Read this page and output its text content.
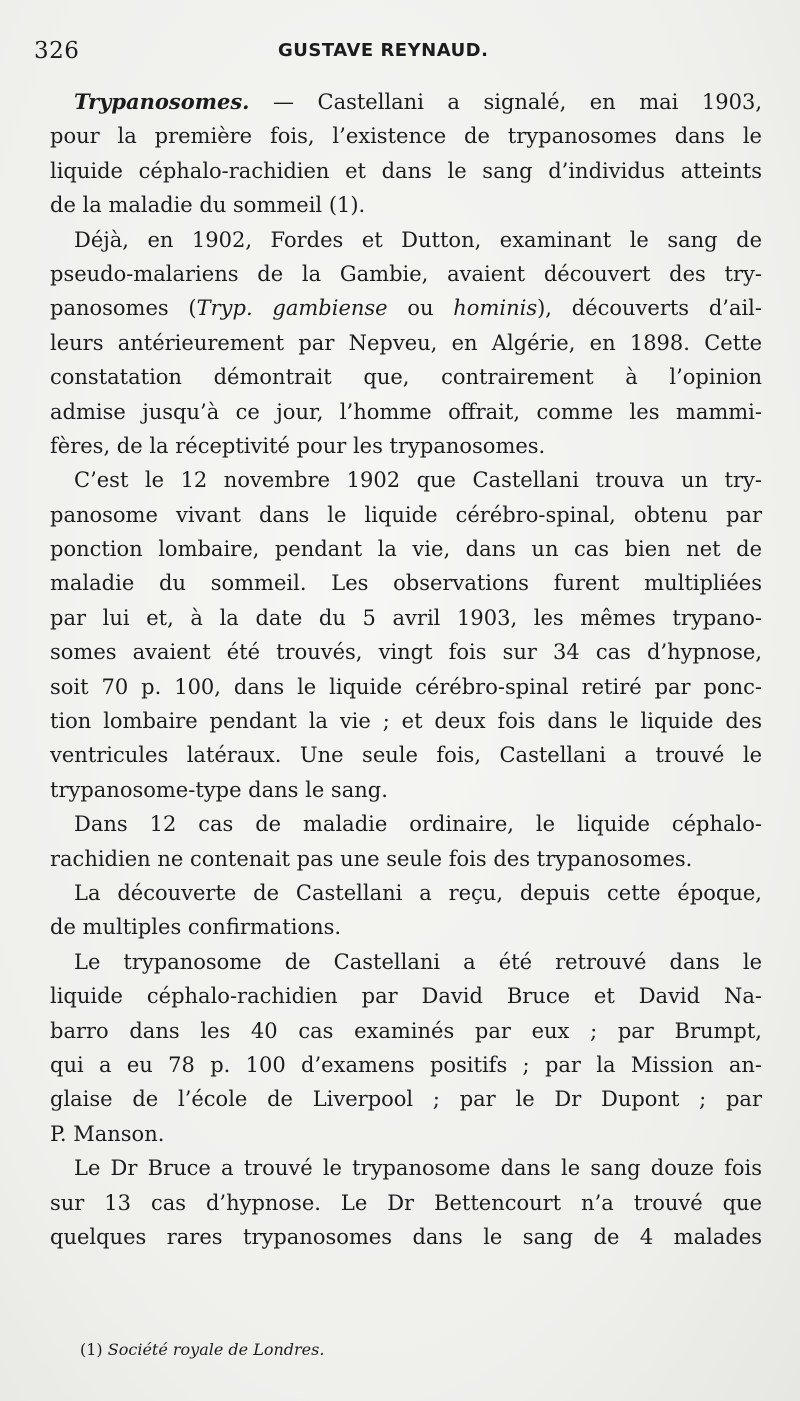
326	GUSTAVE REYNAUD.
Trypanosomes. — Castellani a signalé, en mai 1903,
pour la première fois, l’existence de trypanosomes dans le
liquide céphalo-rachidien et dans le sang d’individus atteints
de la maladie du sommeil (1).
Déjà, en 1902, Fordes et Dutton, examinant le sang de
pseudo-malariens de la Gambie, avaient découvert des try-
panosomes (Tryp. gambiense ou hominis), découverts d’ail-
leurs antérieurement par Nepveu, en Algérie, en 1898. Cette
constatation démontrait que, contrairement à l’opinion
admise jusqu’à ce jour, l’homme offrait, comme les mammi-
fères, de la réceptivité pour les trypanosomes.
C’est le 12 novembre 1902 que Castellani trouva un try-
panosome vivant dans le liquide cérébro-spinal, obtenu par
ponction lombaire, pendant la vie, dans un cas bien net de
maladie du sommeil. Les observations furent multipliées
par lui et, à la date du 5 avril 1903, les mêmes trypano-
somes avaient été trouvés, vingt fois sur 34 cas d’hypnose,
soit 70 p. 100, dans le liquide cérébro-spinal retiré par ponc-
tion lombaire pendant la vie ; et deux fois dans le liquide des
ventricules latéraux. Une seule fois, Castellani a trouvé le
trypanosome-type dans le sang.
Dans 12 cas de maladie ordinaire, le liquide céphalo-
rachidien ne contenait pas une seule fois des trypanosomes.
La découverte de Castellani a reçu, depuis cette époque,
de multiples confirmations.
Le trypanosome de Castellani a été retrouvé dans le
liquide céphalo-rachidien par David Bruce et David Na-
barro dans les 40 cas examinés par eux ; par Brumpt,
qui a eu 78 p. 100 d’examens positifs ; par la Mission an-
glaise de l’école de Liverpool ; par le Dr Dupont ; par
P. Manson.
Le Dr Bruce a trouvé le trypanosome dans le sang douze fois
sur 13 cas d’hypnose. Le Dr Bettencourt n’a trouvé que
quelques rares trypanosomes dans le sang de 4 malades
(1) Société royale de Londres.
